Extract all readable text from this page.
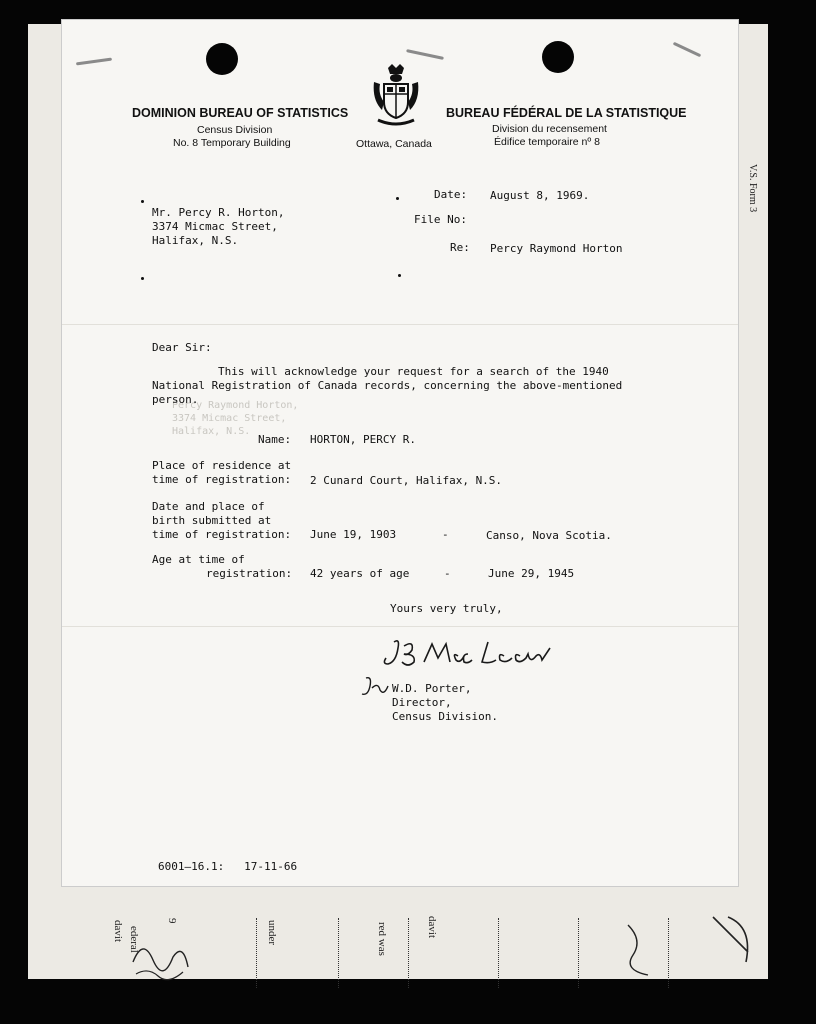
V.S. Form 3
9	under	red was	davit
ederal
davit
Percy Raymond Horton,
3374 Micmac Street,
Halifax, N.S.
DOMINION BUREAU OF STATISTICS
Census Division
No. 8 Temporary Building	Ottawa, Canada
BUREAU FÉDÉRAL DE LA STATISTIQUE
Division du recensement
Édifice temporaire nº 8
Mr. Percy R. Horton,
3374 Micmac Street,
Halifax, N.S.
Date: August 8, 1969.
File No:
Re: Percy Raymond Horton
Dear Sir:
This will acknowledge your request for a search of the 1940
National Registration of Canada records, concerning the above-mentioned
person.
Name: HORTON, PERCY R.
Place of residence at
time of registration: 2 Cunard Court, Halifax, N.S.
Date and place of
birth submitted at
time of registration: June 19, 1903	-	Canso, Nova Scotia.
Age at time of
registration: 42 years of age	-	June 29, 1945
Yours very truly,
W.D. Porter,
Director,
Census Division.
6001—16.1:   17-11-66
